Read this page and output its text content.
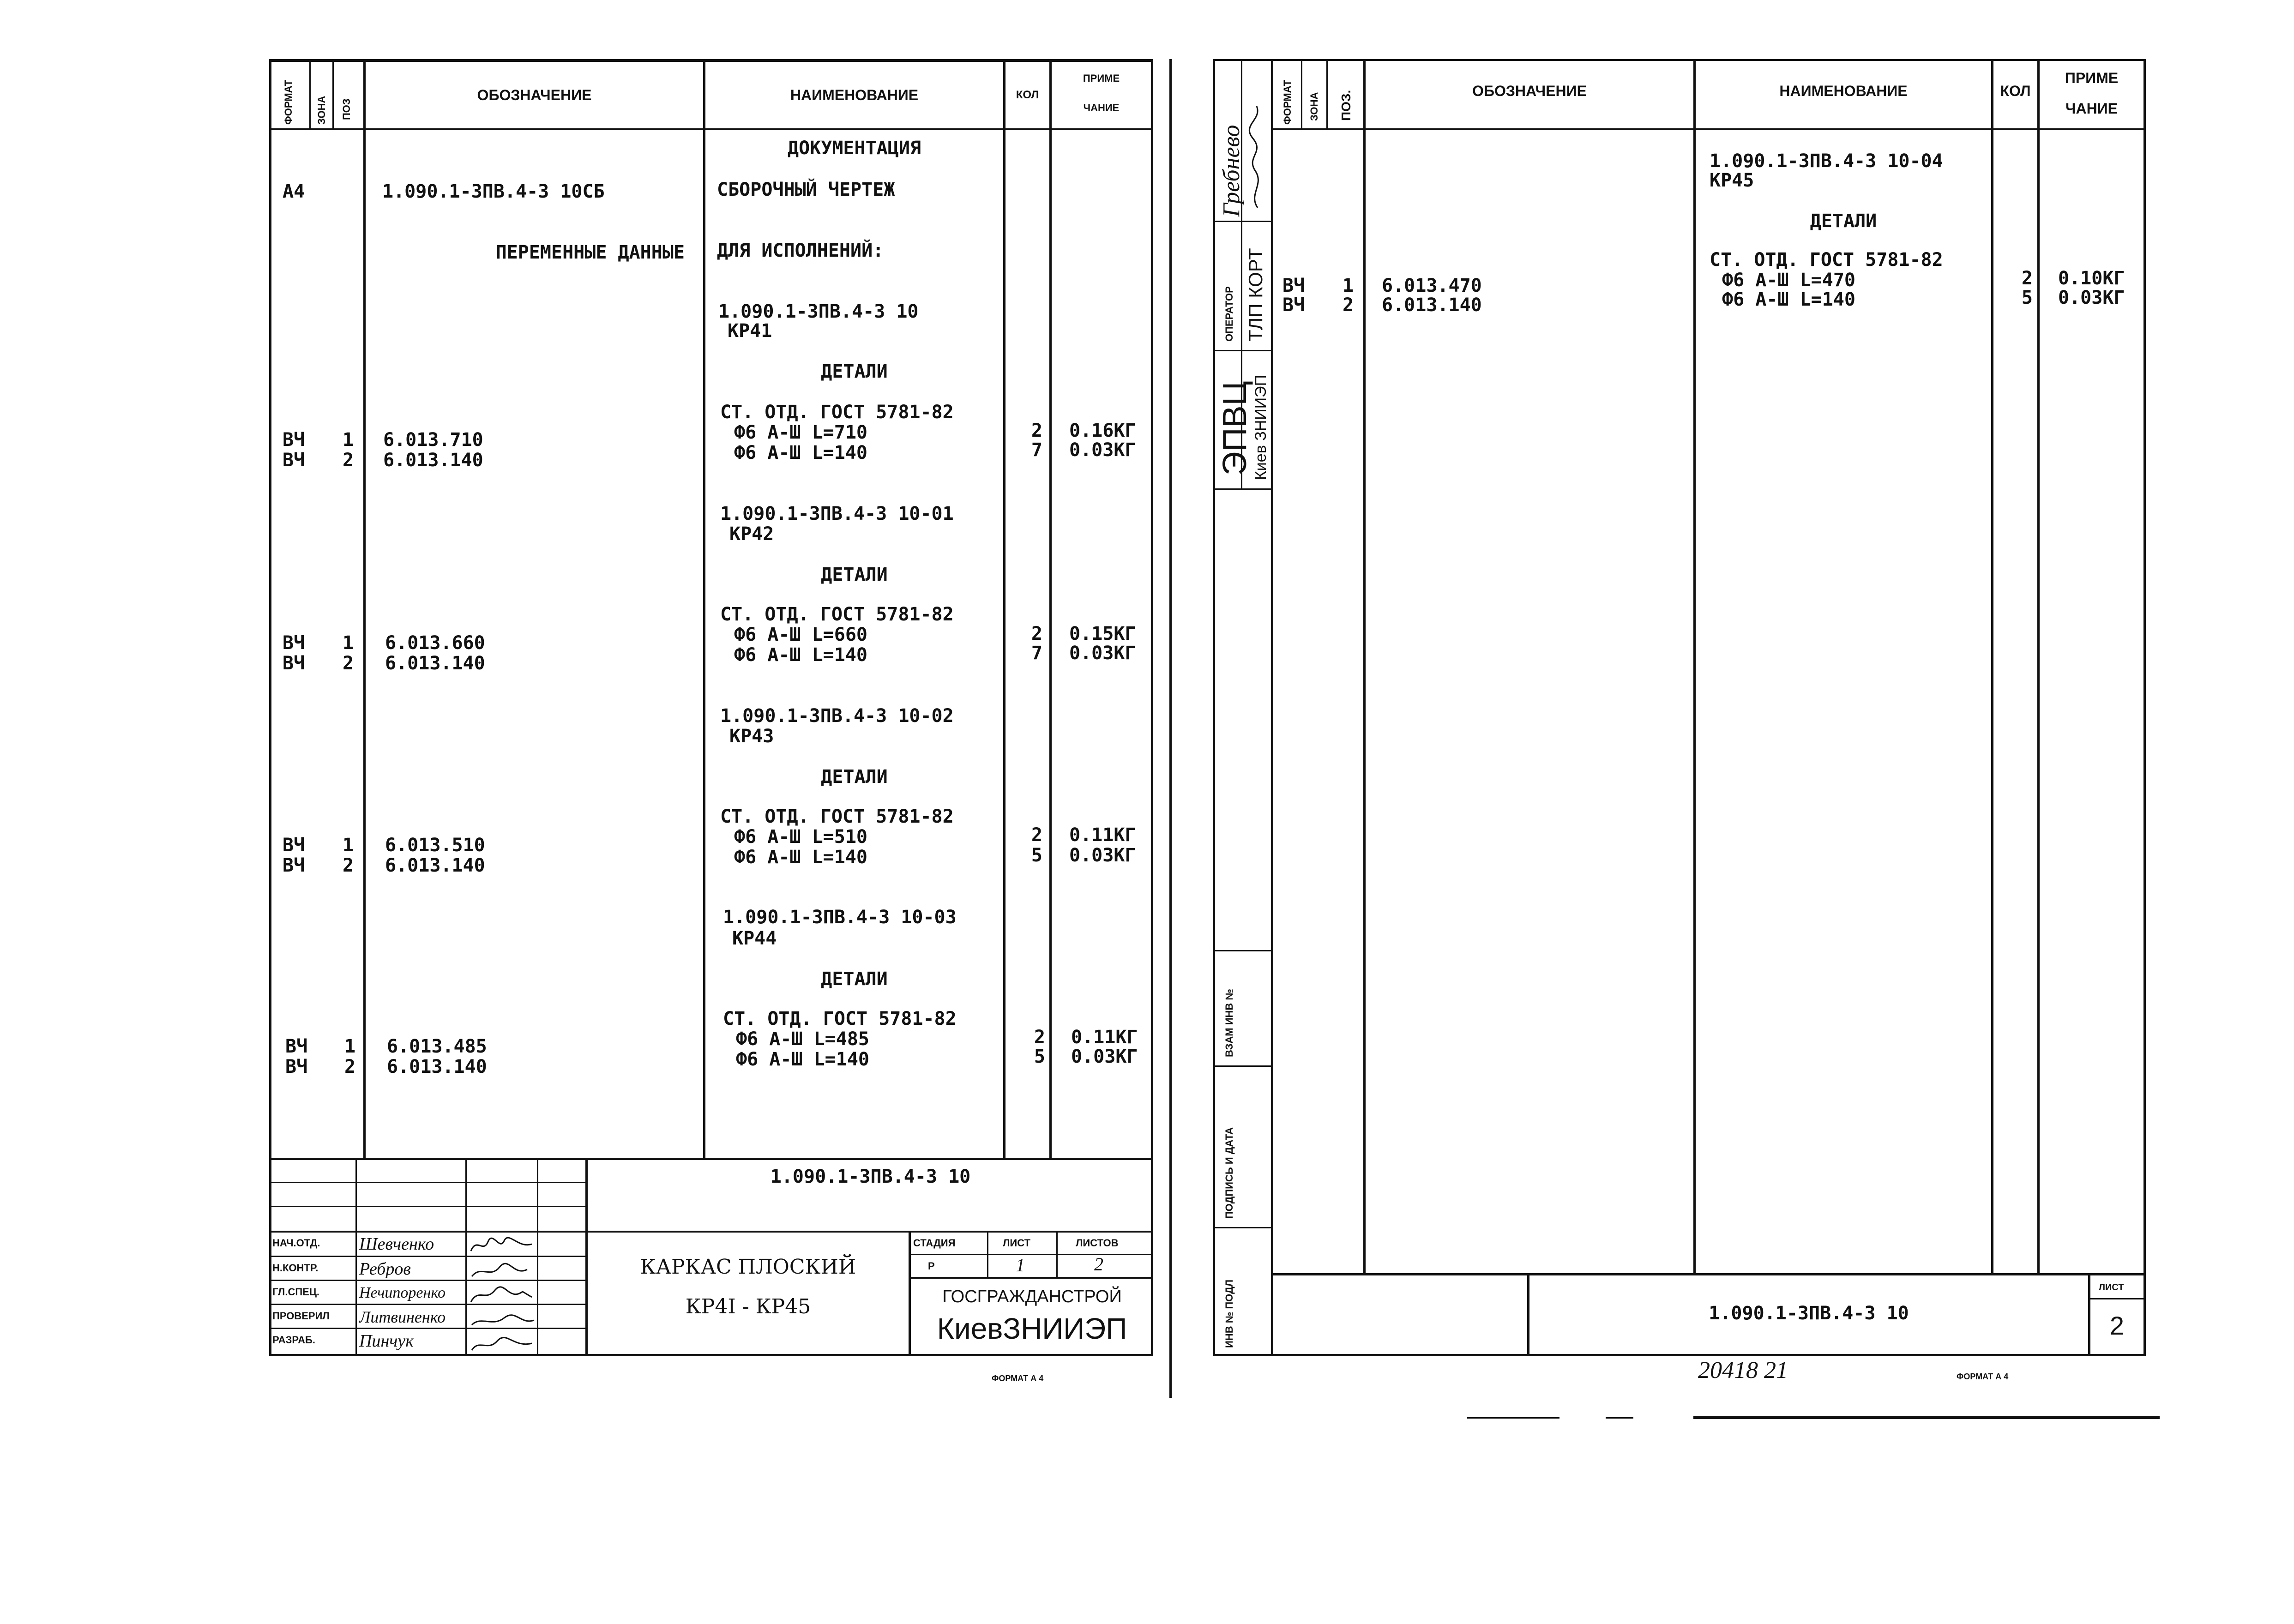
ФОРМАТ ЗОНА ПОЗ
ОБОЗНАЧЕНИЕ	НАИМЕНОВАНИЕ	КОЛ
ПРИМЕ
ЧАНИЕ
ДОКУМЕНТАЦИЯ
А4	1.090.1-3ПВ.4-3 10СБ	СБОРОЧНЫЙ ЧЕРТЕЖ
ПЕРЕМЕННЫЕ ДАННЫЕ ДЛЯ ИСПОЛНЕНИЙ:
1.090.1-3ПВ.4-3 10
КР41
ДЕТАЛИ
СТ. ОТД. ГОСТ 5781-82
ВЧ 1 6.013.710	Ф6 А-Ш L=710	2 0.16КГ
ВЧ 2 6.013.140	Ф6 А-Ш L=140	7 0.03КГ
1.090.1-3ПВ.4-3 10-01
КР42
ДЕТАЛИ
СТ. ОТД. ГОСТ 5781-82
ВЧ 1 6.013.660	Ф6 А-Ш L=660	2 0.15КГ
ВЧ 2 6.013.140	Ф6 А-Ш L=140	7 0.03КГ
1.090.1-3ПВ.4-3 10-02
КР43
ДЕТАЛИ
СТ. ОТД. ГОСТ 5781-82
ВЧ 1 6.013.510	Ф6 А-Ш L=510	2 0.11КГ
ВЧ 2 6.013.140	Ф6 А-Ш L=140	5 0.03КГ
1.090.1-3ПВ.4-3 10-03
КР44
ДЕТАЛИ
СТ. ОТД. ГОСТ 5781-82
ВЧ 1 6.013.485	Ф6 А-Ш L=485	2 0.11КГ
ВЧ 2 6.013.140	Ф6 А-Ш L=140	5 0.03КГ
1.090.1-3ПВ.4-3 10
НАЧ.ОТД. Шевченко
Н.КОНТР. Ребров
ГЛ.СПЕЦ.	Нечипоренко
ПРОВЕРИЛ Литвиненко
РАЗРАБ.	Пинчук
КАРКАС ПЛОСКИЙ
КР4I - КР45
СТАДИЯ	ЛИСТ	ЛИСТОВ
Р	1	2
ГОСГРАЖДАНСТРОЙ
КиевЗНИИЭП
ФОРМАТ А 4
ФОРМАТ ЗОНА ПОЗ.	ОБОЗНАЧЕНИЕ	НАИМЕНОВАНИЕ	КОЛ
ПРИМЕ
ЧАНИЕ
1.090.1-3ПВ.4-3 10-04
КР45
ДЕТАЛИ
СТ. ОТД. ГОСТ 5781-82
ВЧ 1 6.013.470	Ф6 А-Ш L=470	2 0.10КГ
ВЧ 2 6.013.140	Ф6 А-Ш L=140	5 0.03КГ
Гребнево
ОПЕРАТОР ТЛП КОРТ
ЭПВЦ
Киев ЗНИИЭП
ВЗАМ ИНВ №
ПОДПИСЬ И ДАТА
ИНВ № ПОДЛ	1.090.1-3ПВ.4-3 10
ЛИСТ
2
20418 21	ФОРМАТ А 4
